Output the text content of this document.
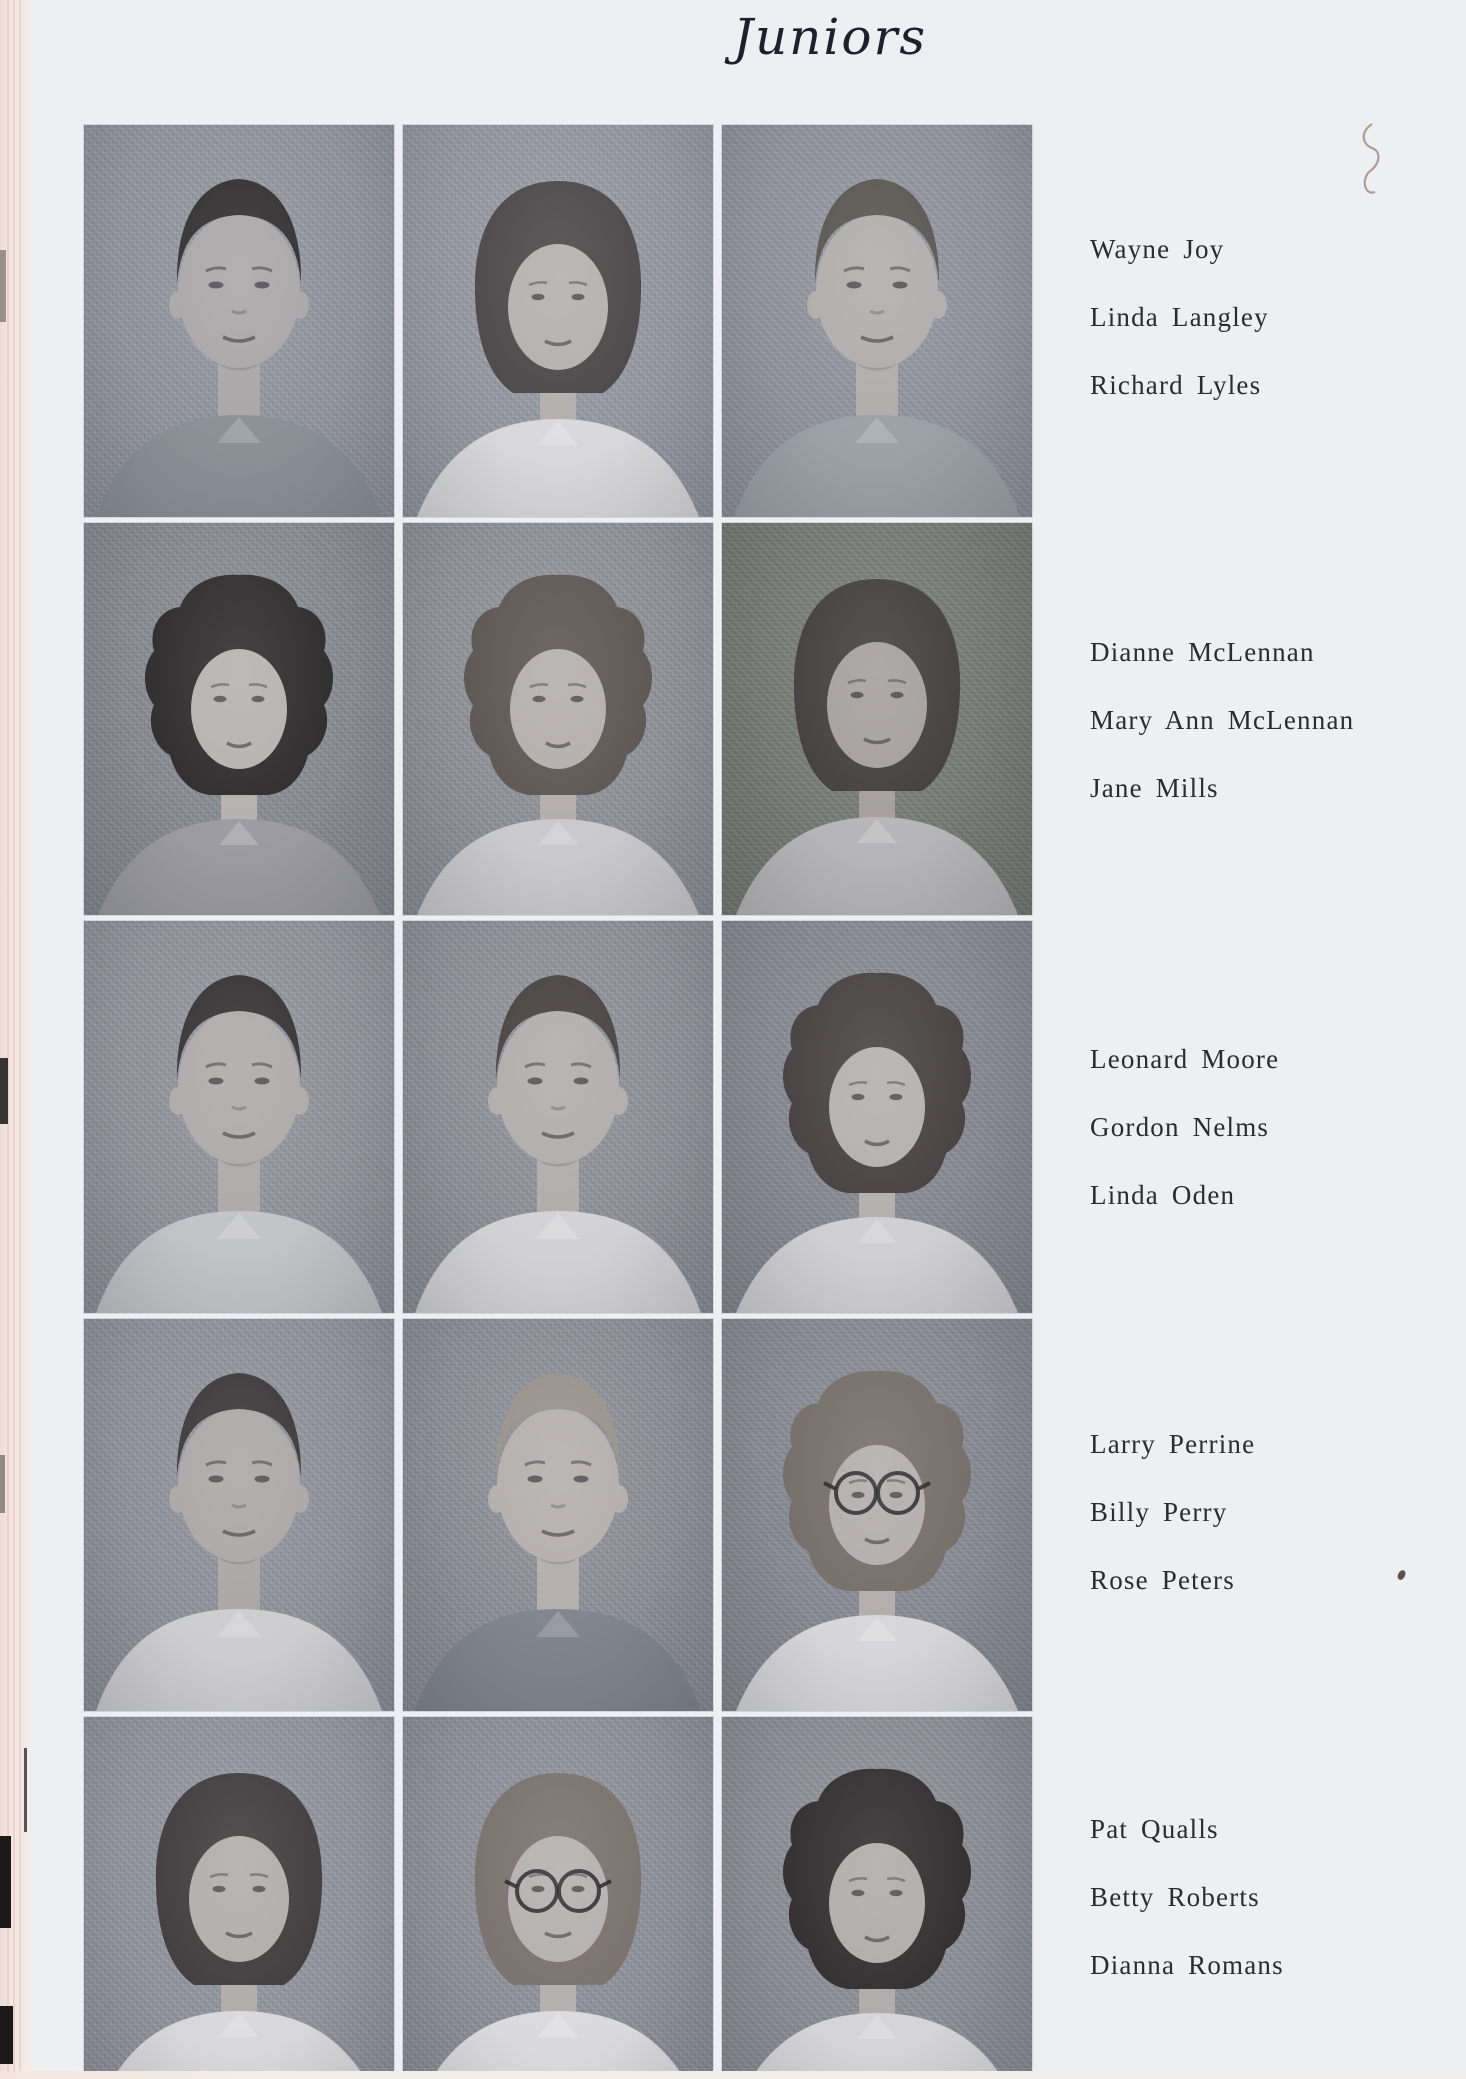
Juniors

Wayne Joy

Linda Langley

Richard Lyles

Dianne McLennan

Mary Ann McLennan

Jane Mills

Leonard Moore

Gordon Nelms

Linda Oden

Larry Perrine

Billy Perry

Rose Peters

Pat Qualls

Betty Roberts

Dianna Romans
